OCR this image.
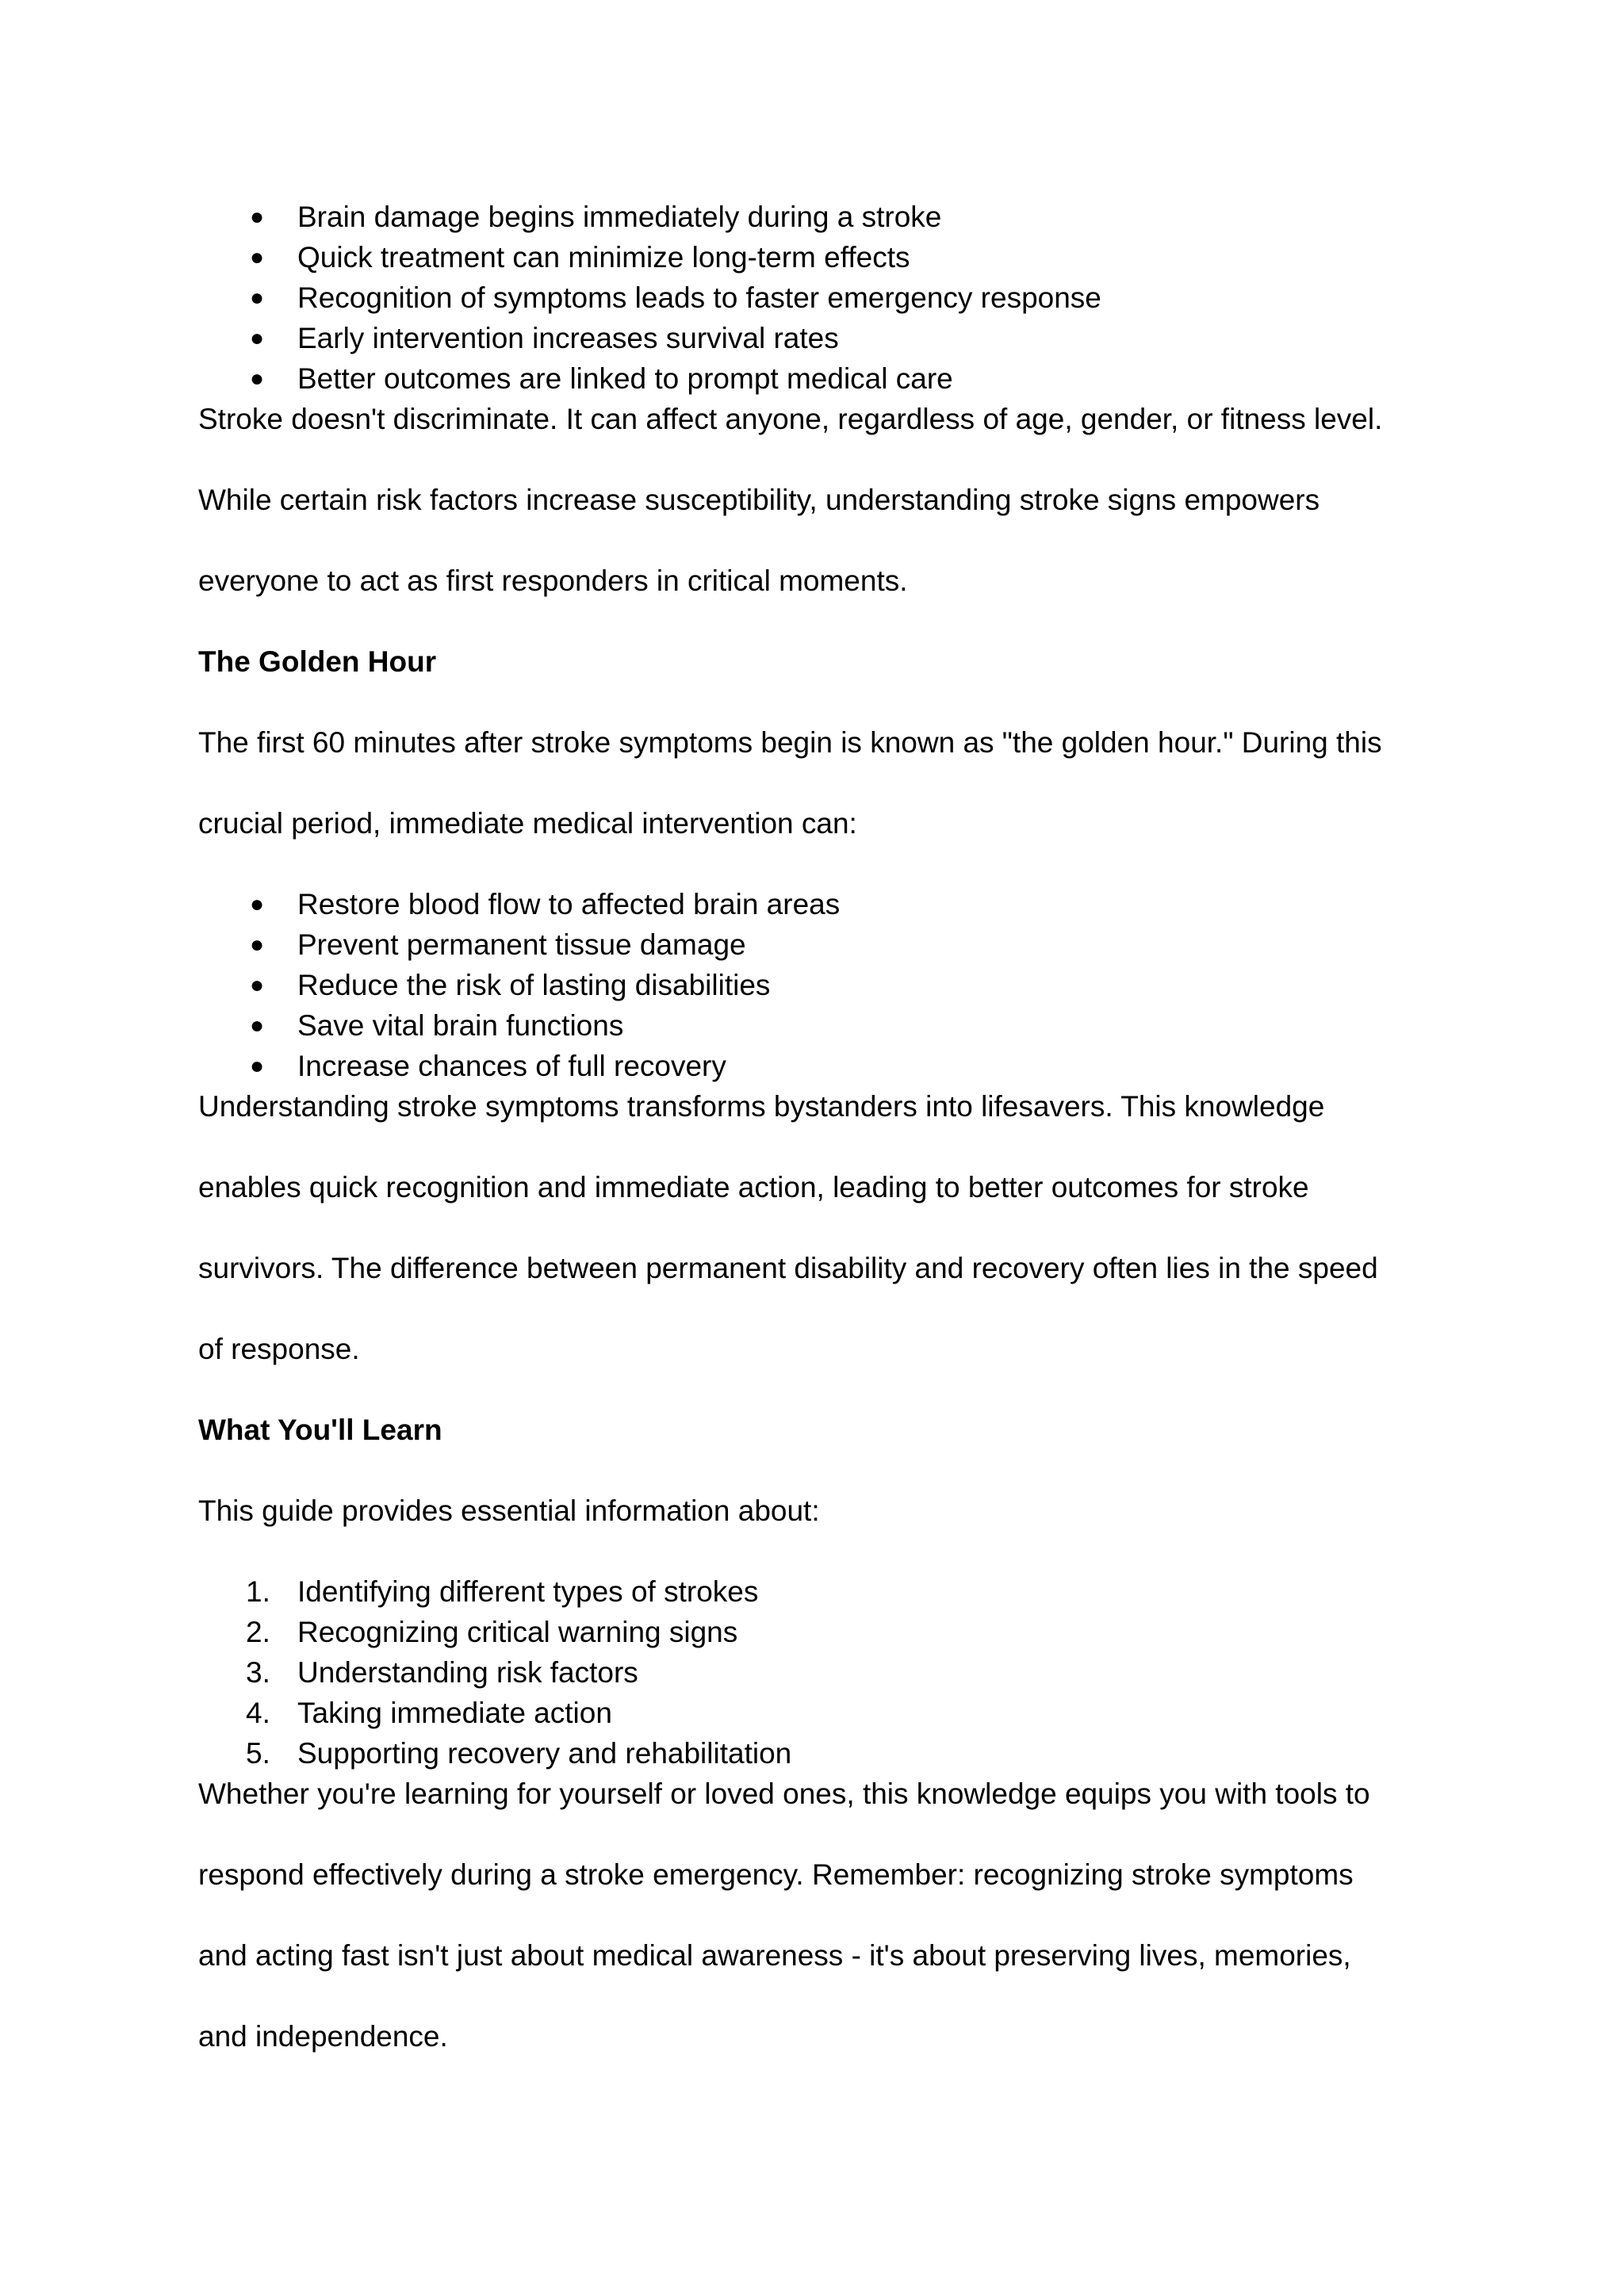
● Brain damage begins immediately during a stroke
● Quick treatment can minimize long-term effects
● Recognition of symptoms leads to faster emergency response
● Early intervention increases survival rates
● Better outcomes are linked to prompt medical care

Stroke doesn't discriminate. It can affect anyone, regardless of age, gender, or fitness level.

While certain risk factors increase susceptibility, understanding stroke signs empowers

everyone to act as first responders in critical moments.

The Golden Hour

The first 60 minutes after stroke symptoms begin is known as "the golden hour." During this

crucial period, immediate medical intervention can:

● Restore blood flow to affected brain areas
● Prevent permanent tissue damage
● Reduce the risk of lasting disabilities
● Save vital brain functions
● Increase chances of full recovery

Understanding stroke symptoms transforms bystanders into lifesavers. This knowledge

enables quick recognition and immediate action, leading to better outcomes for stroke

survivors. The difference between permanent disability and recovery often lies in the speed

of response.

What You'll Learn

This guide provides essential information about:

1. Identifying different types of strokes
2. Recognizing critical warning signs
3. Understanding risk factors
4. Taking immediate action
5. Supporting recovery and rehabilitation

Whether you're learning for yourself or loved ones, this knowledge equips you with tools to

respond effectively during a stroke emergency. Remember: recognizing stroke symptoms

and acting fast isn't just about medical awareness - it's about preserving lives, memories,

and independence.
